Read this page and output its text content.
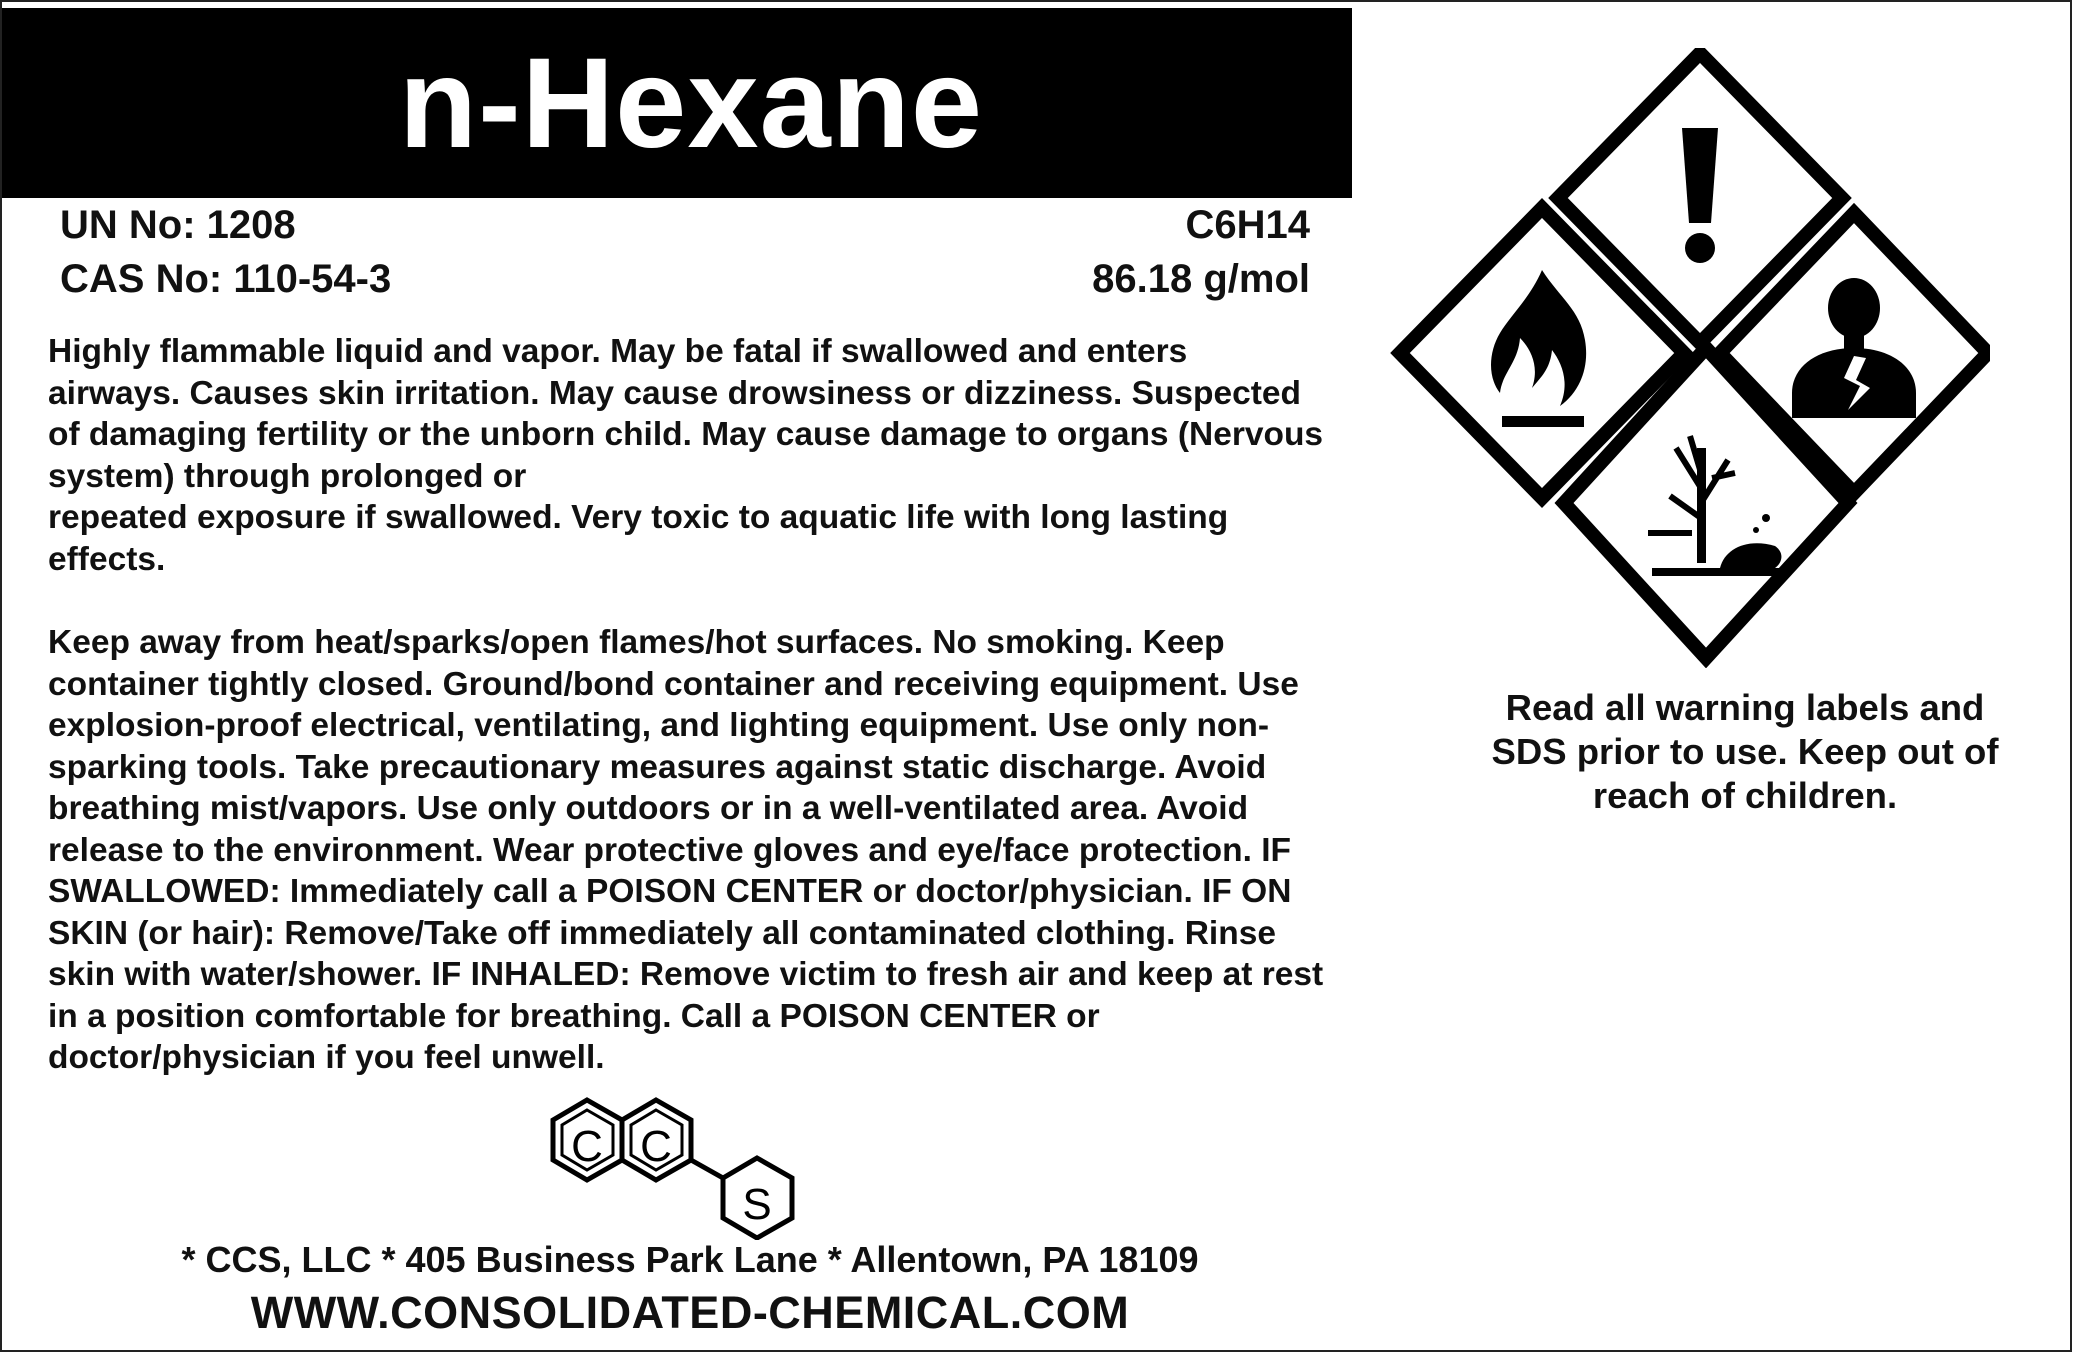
n-Hexane
UN No: 1208
CAS No: 110-54-3
C6H14
86.18 g/mol

Highly flammable liquid and vapor. May be fatal if swallowed and enters
airways. Causes skin irritation. May cause drowsiness or dizziness. Suspected
of damaging fertility or the unborn child. May cause damage to organs (Nervous
system) through prolonged or
repeated exposure if swallowed. Very toxic to aquatic life with long lasting
effects.

Keep away from heat/sparks/open flames/hot surfaces. No smoking. Keep
container tightly closed. Ground/bond container and receiving equipment. Use
explosion-proof electrical, ventilating, and lighting equipment. Use only non-
sparking tools. Take precautionary measures against static discharge. Avoid
breathing mist/vapors. Use only outdoors or in a well-ventilated area. Avoid
release to the environment. Wear protective gloves and eye/face protection. IF
SWALLOWED: Immediately call a POISON CENTER or doctor/physician. IF ON
SKIN (or hair): Remove/Take off immediately all contaminated clothing. Rinse
skin with water/shower. IF INHALED: Remove victim to fresh air and keep at rest
in a position comfortable for breathing. Call a POISON CENTER or
doctor/physician if you feel unwell.

Read all warning labels and
SDS prior to use. Keep out of
reach of children.
C C
S
* CCS, LLC * 405 Business Park Lane * Allentown, PA 18109
WWW.CONSOLIDATED-CHEMICAL.COM
